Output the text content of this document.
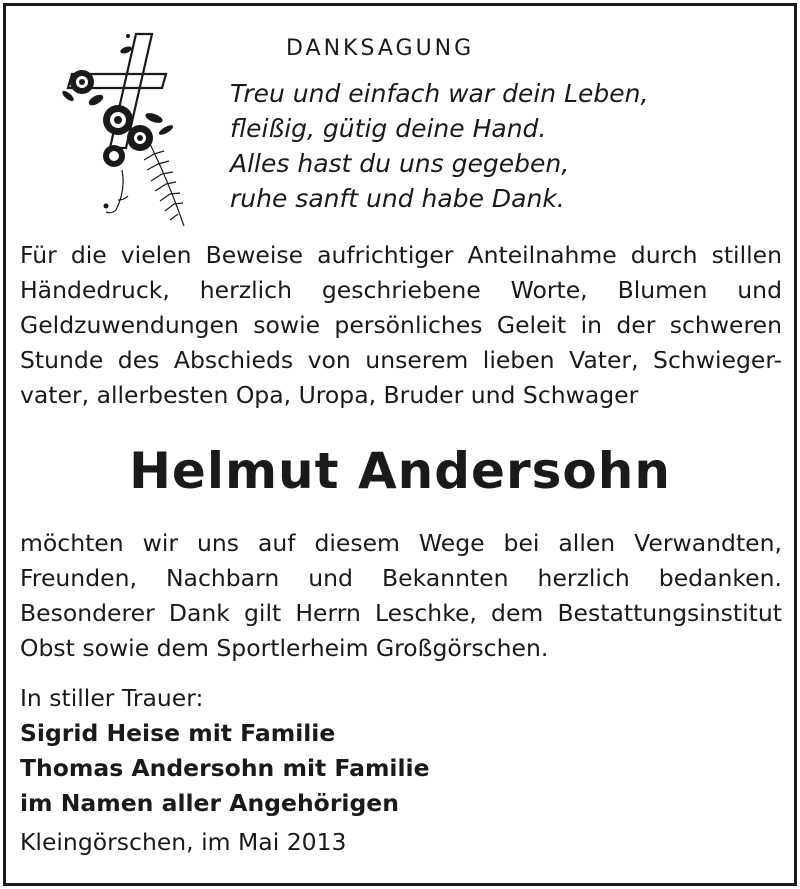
DANKSAGUNG
Treu und einfach war dein Leben,
fleißig, gütig deine Hand.
Alles hast du uns gegeben,
ruhe sanft und habe Dank.
Für die vielen Beweise aufrichtiger Anteilnahme durch stillen
Händedruck, herzlich geschriebene Worte, Blumen und
Geldzuwendungen sowie persönliches Geleit in der schweren
Stunde des Abschieds von unserem lieben Vater, Schwieger-
vater, allerbesten Opa, Uropa, Bruder und Schwager
Helmut Andersohn
möchten wir uns auf diesem Wege bei allen Verwandten,
Freunden, Nachbarn und Bekannten herzlich bedanken.
Besonderer Dank gilt Herrn Leschke, dem Bestattungsinstitut
Obst sowie dem Sportlerheim Großgörschen.
In stiller Trauer:
Sigrid Heise mit Familie
Thomas Andersohn mit Familie
im Namen aller Angehörigen
Kleingörschen, im Mai 2013
